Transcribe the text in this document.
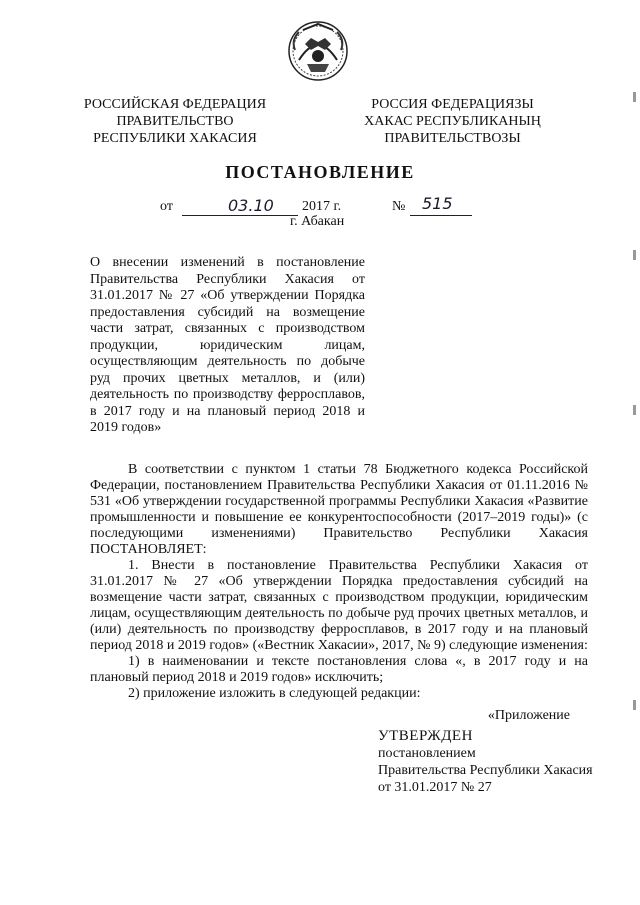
РОССИЙСКАЯ ФЕДЕРАЦИЯ
ПРАВИТЕЛЬСТВО
РЕСПУБЛИКИ ХАКАСИЯ
РОССИЯ ФЕДЕРАЦИЯЗЫ
ХАКАС РЕСПУБЛИКАНЫҢ
ПРАВИТЕЛЬСТВОЗЫ
ПОСТАНОВЛЕНИЕ
от	03.10 2017 г.	№ 515
г. Абакан
О внесении изменений в постановление Правительства Республики Хакасия от 31.01.2017 № 27 «Об утверждении Порядка предоставления субсидий на возмещение части затрат, связанных с производством продукции, юридическим лицам, осуществляющим деятельность по добыче руд прочих цветных металлов, и (или) деятельность по производству ферросплавов, в 2017 году и на плановый период 2018 и 2019 годов»

В соответствии с пунктом 1 статьи 78 Бюджетного кодекса Российской Федерации, постановлением Правительства Республики Хакасия от 01.11.2016 № 531 «Об утверждении государственной программы Республики Хакасия «Развитие промышленности и повышение ее конкурентоспособности (2017–2019 годы)» (с последующими изменениями) Правительство Республики Хакасия ПОСТАНОВЛЯЕТ:

1. Внести в постановление Правительства Республики Хакасия от 31.01.2017 № 27 «Об утверждении Порядка предоставления субсидий на возмещение части затрат, связанных с производством продукции, юридическим лицам, осуществляющим деятельность по добыче руд прочих цветных металлов, и (или) деятельность по производству ферросплавов, в 2017 году и на плановый период 2018 и 2019 годов» («Вестник Хакасии», 2017, № 9) следующие изменения:

1) в наименовании и тексте постановления слова «, в 2017 году и на плановый период 2018 и 2019 годов» исключить;

2) приложение изложить в следующей редакции:

«Приложение
УТВЕРЖДЕН
постановлением
Правительства Республики Хакасия
от 31.01.2017 № 27
